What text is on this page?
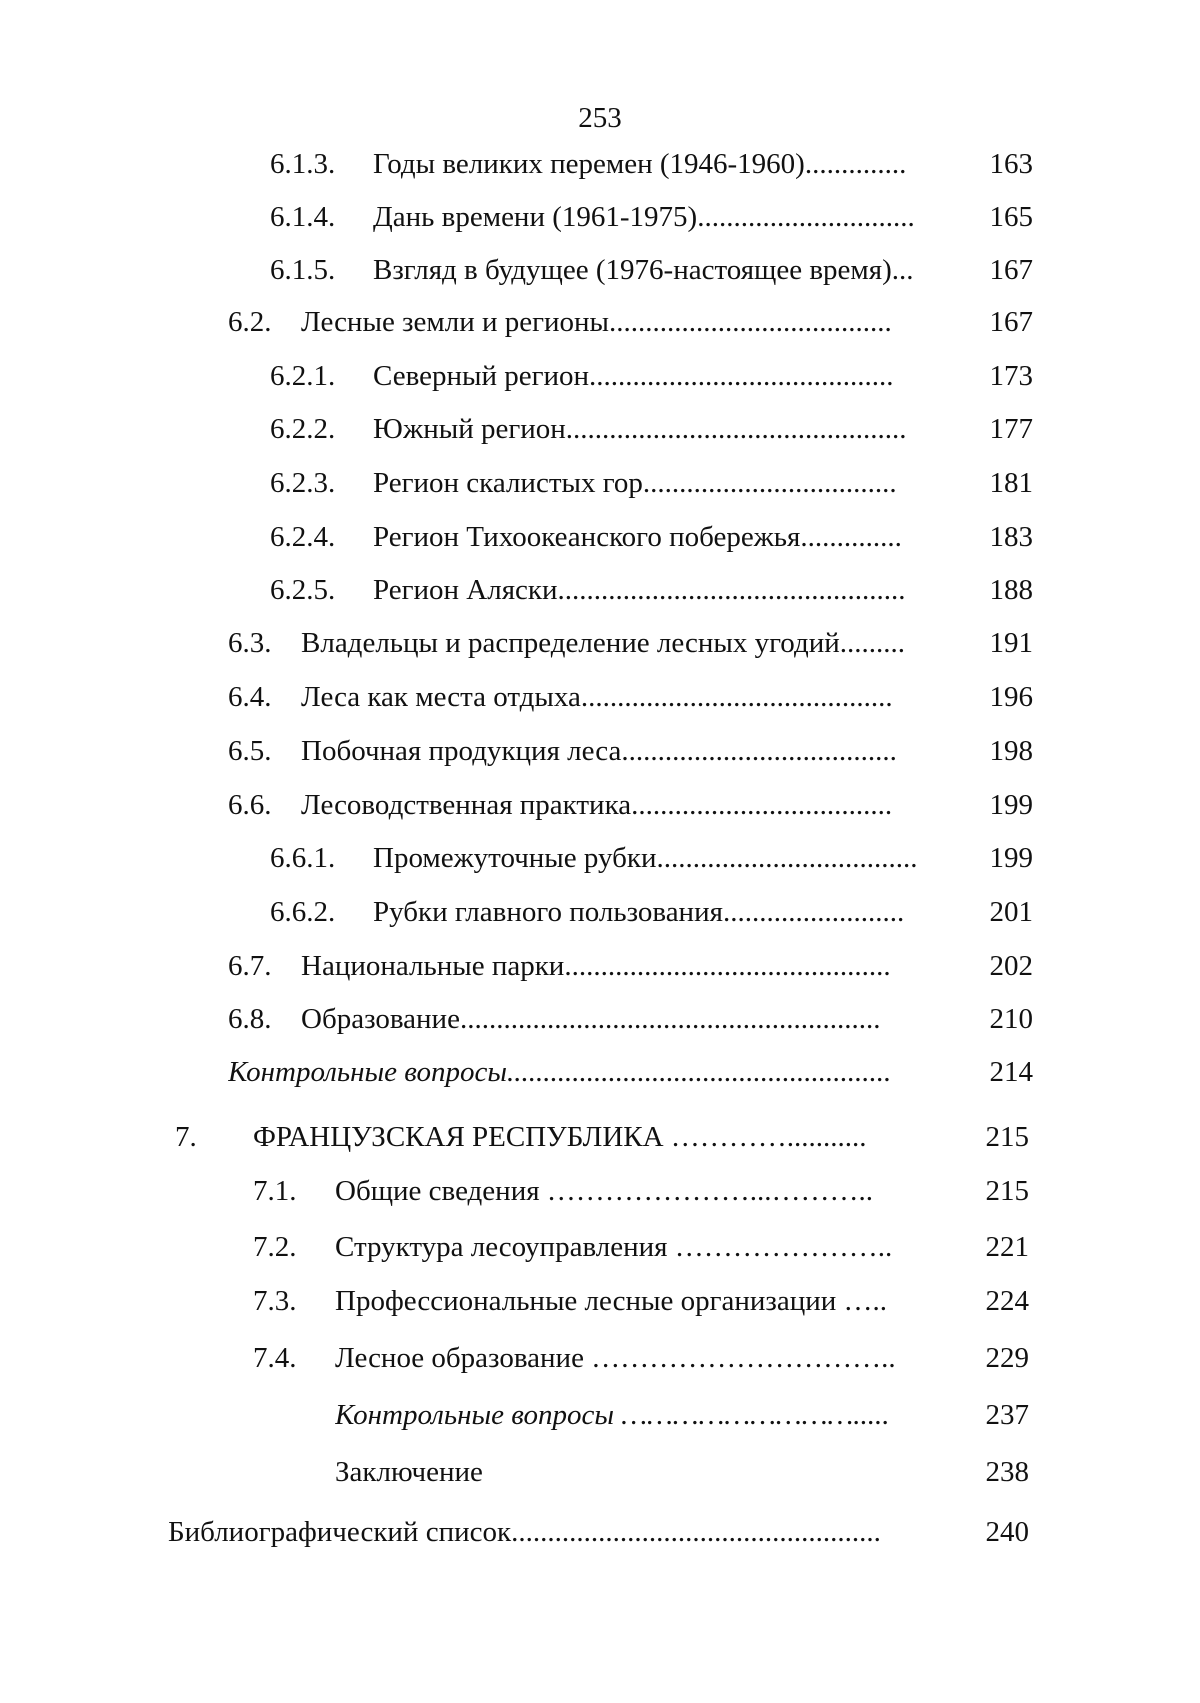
253
6.1.3. Годы великих перемен (1946-1960)..............	163
6.1.4. Дань времени (1961-1975)..............................	165
6.1.5. Взгляд в будущее (1976-настоящее время)...	167
6.2. Лесные земли и регионы.......................................	167
6.2.1. Северный регион..........................................	173
6.2.2. Южный регион...............................................	177
6.2.3. Регион скалистых гор...................................	181
6.2.4. Регион Тихоокеанского побережья..............	183
6.2.5. Регион Аляски................................................	188
6.3. Владельцы и распределение лесных угодий.........	191
6.4. Леса как места отдыха...........................................	196
6.5. Побочная продукция леса......................................	198
6.6. Лесоводственная практика....................................	199
6.6.1. Промежуточные рубки....................................	199
6.6.2. Рубки главного пользования.........................	201
6.7. Национальные парки.............................................	202
6.8. Образование..........................................................	210
Контрольные вопросы.....................................................	214
7. ФРАНЦУЗСКАЯ РЕСПУБЛИКА …………...........	215
7.1. Общие сведения …………………...………..	215
7.2. Структура лесоуправления …………………..	221
7.3. Профессиональные лесные организации …..	224
7.4. Лесное образование …………………………..	229
Контрольные вопросы ……………………….....	237
Заключение	238
Библиографический список...................................................	240
